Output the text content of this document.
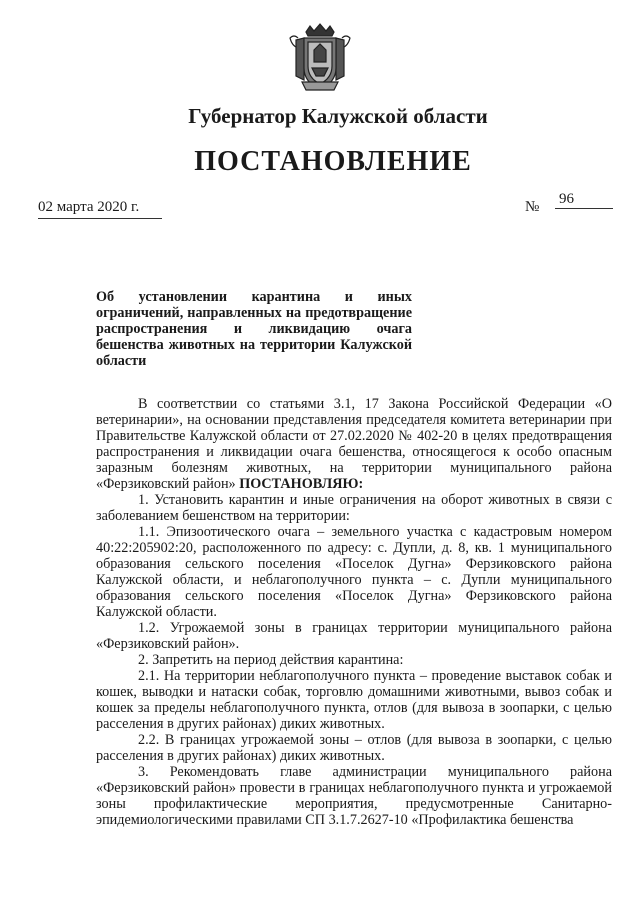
Губернатор Калужской области
ПОСТАНОВЛЕНИЕ
02 марта 2020 г.	№ 96
Об установлении карантина и иных ограничений, направленных на предотвращение распространения и ликвидацию очага бешенства животных на территории Калужской области

В соответствии со статьями 3.1, 17 Закона Российской Федерации «О ветеринарии», на основании представления председателя комитета ветеринарии при Правительстве Калужской области от 27.02.2020 № 402-20 в целях предотвращения распространения и ликвидации очага бешенства, относящегося к особо опасным заразным болезням животных, на территории муниципального района «Ферзиковский район» ПОСТАНОВЛЯЮ:

1. Установить карантин и иные ограничения на оборот животных в связи с заболеванием бешенством на территории:

1.1. Эпизоотического очага – земельного участка с кадастровым номером 40:22:205902:20, расположенного по адресу: с. Дупли, д. 8, кв. 1 муниципального образования сельского поселения «Поселок Дугна» Ферзиковского района Калужской области, и неблагополучного пункта – с. Дупли муниципального образования сельского поселения «Поселок Дугна» Ферзиковского района Калужской области.

1.2. Угрожаемой зоны в границах территории муниципального района «Ферзиковский район».

2. Запретить на период действия карантина:

2.1. На территории неблагополучного пункта – проведение выставок собак и кошек, выводки и натаски собак, торговлю домашними животными, вывоз собак и кошек за пределы неблагополучного пункта, отлов (для вывоза в зоопарки, с целью расселения в других районах) диких животных.

2.2. В границах угрожаемой зоны – отлов (для вывоза в зоопарки, с целью расселения в других районах) диких животных.

3. Рекомендовать главе администрации муниципального района «Ферзиковский район» провести в границах неблагополучного пункта и угрожаемой зоны профилактические мероприятия, предусмотренные Санитарно-эпидемиологическими правилами СП 3.1.7.2627-10 «Профилактика бешенства
